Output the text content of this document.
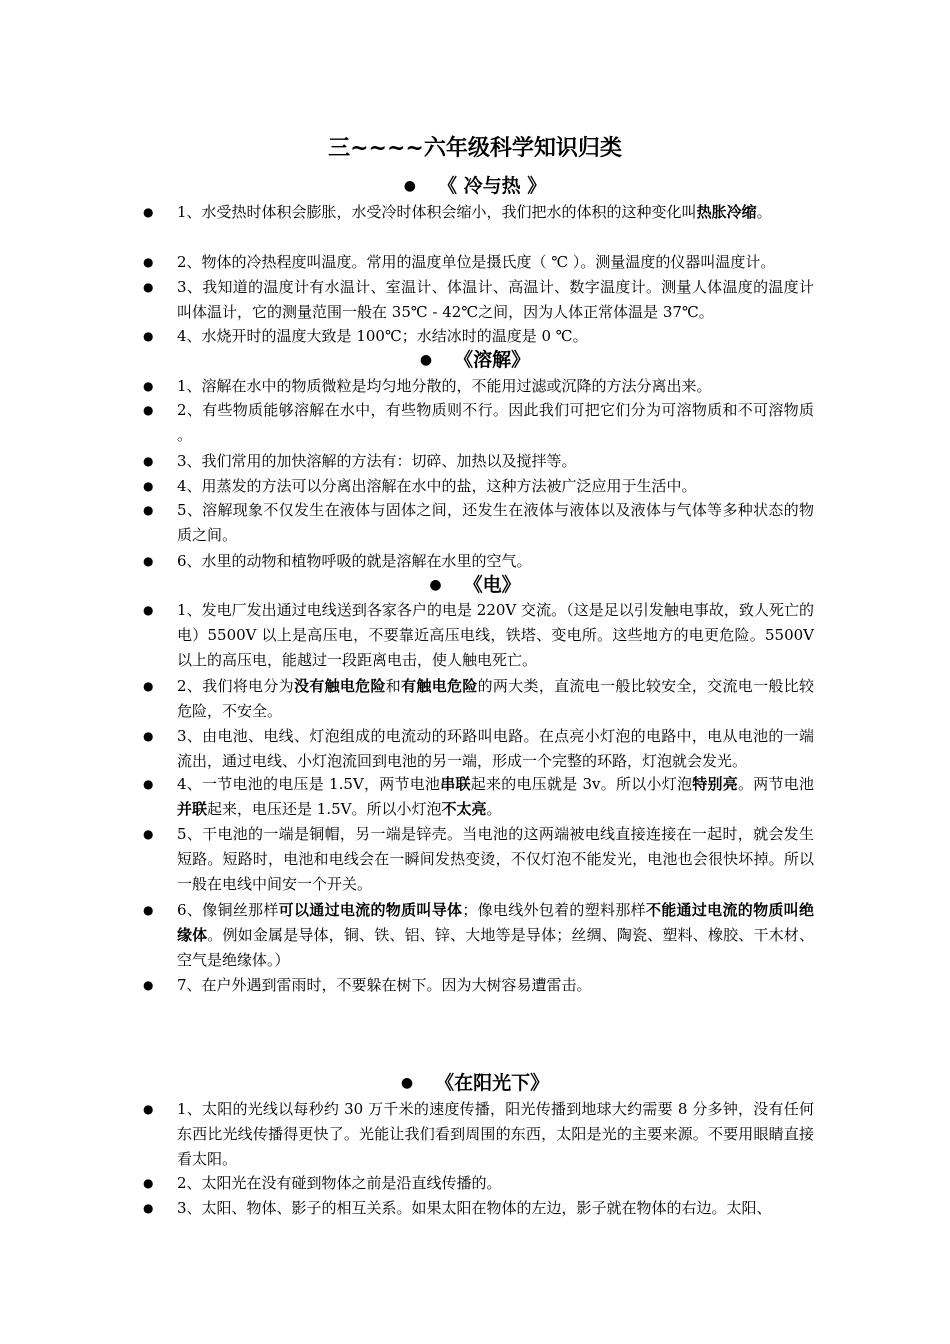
三~~~~六年级科学知识归类
● 《 冷与热 》
● 1、水受热时体积会膨胀，水受冷时体积会缩小，我们把水的体积的这种变化叫热胀冷缩。
● 2、物体的冷热程度叫温度。常用的温度单位是摄氏度（ ℃ ）。测量温度的仪器叫温度计。
● 3、我知道的温度计有水温计、室温计、体温计、高温计、数字温度计。测量人体温度的温度计叫体温计，它的测量范围一般在 35℃ - 42℃之间，因为人体正常体温是 37℃。
● 4、水烧开时的温度大致是 100℃；水结冰时的温度是 0 ℃。
● 《溶解》
● 1、溶解在水中的物质微粒是均匀地分散的，不能用过滤或沉降的方法分离出来。
● 2、有些物质能够溶解在水中，有些物质则不行。因此我们可把它们分为可溶物质和不可溶物质 。
● 3、我们常用的加快溶解的方法有：切碎、加热以及搅拌等。
● 4、用蒸发的方法可以分离出溶解在水中的盐，这种方法被广泛应用于生活中。
● 5、溶解现象不仅发生在液体与固体之间，还发生在液体与液体以及液体与气体等多种状态的物质之间。
● 6、水里的动物和植物呼吸的就是溶解在水里的空气。
● 《电》
● 1、发电厂发出通过电线送到各家各户的电是 220V 交流。（这是足以引发触电事故，致人死亡的电）5500V 以上是高压电，不要靠近高压电线，铁塔、变电所。这些地方的电更危险。5500V 以上的高压电，能越过一段距离电击，使人触电死亡。
● 2、我们将电分为没有触电危险和有触电危险的两大类，直流电一般比较安全，交流电一般比较危险，不安全。
● 3、由电池、电线、灯泡组成的电流动的环路叫电路。在点亮小灯泡的电路中，电从电池的一端流出，通过电线、小灯泡流回到电池的另一端，形成一个完整的环路，灯泡就会发光。
● 4、一节电池的电压是 1.5V，两节电池串联起来的电压就是 3v。所以小灯泡特别亮。两节电池并联起来，电压还是 1.5V。所以小灯泡不太亮。
● 5、干电池的一端是铜帽，另一端是锌壳。当电池的这两端被电线直接连接在一起时，就会发生短路。短路时，电池和电线会在一瞬间发热变烫，不仅灯泡不能发光，电池也会很快坏掉。所以一般在电线中间安一个开关。
● 6、像铜丝那样可以通过电流的物质叫导体；像电线外包着的塑料那样不能通过电流的物质叫绝缘体。例如金属是导体，铜、铁、铝、锌、大地等是导体；丝绸、陶瓷、塑料、橡胶、干木材、空气是绝缘体。）
● 7、在户外遇到雷雨时，不要躲在树下。因为大树容易遭雷击。
● 《在阳光下》
● 1、太阳的光线以每秒约 30 万千米的速度传播，阳光传播到地球大约需要 8 分多钟，没有任何东西比光线传播得更快了。光能让我们看到周围的东西，太阳是光的主要来源。不要用眼睛直接看太阳。
● 2、太阳光在没有碰到物体之前是沿直线传播的。
● 3、太阳、物体、影子的相互关系。如果太阳在物体的左边，影子就在物体的右边。太阳、
